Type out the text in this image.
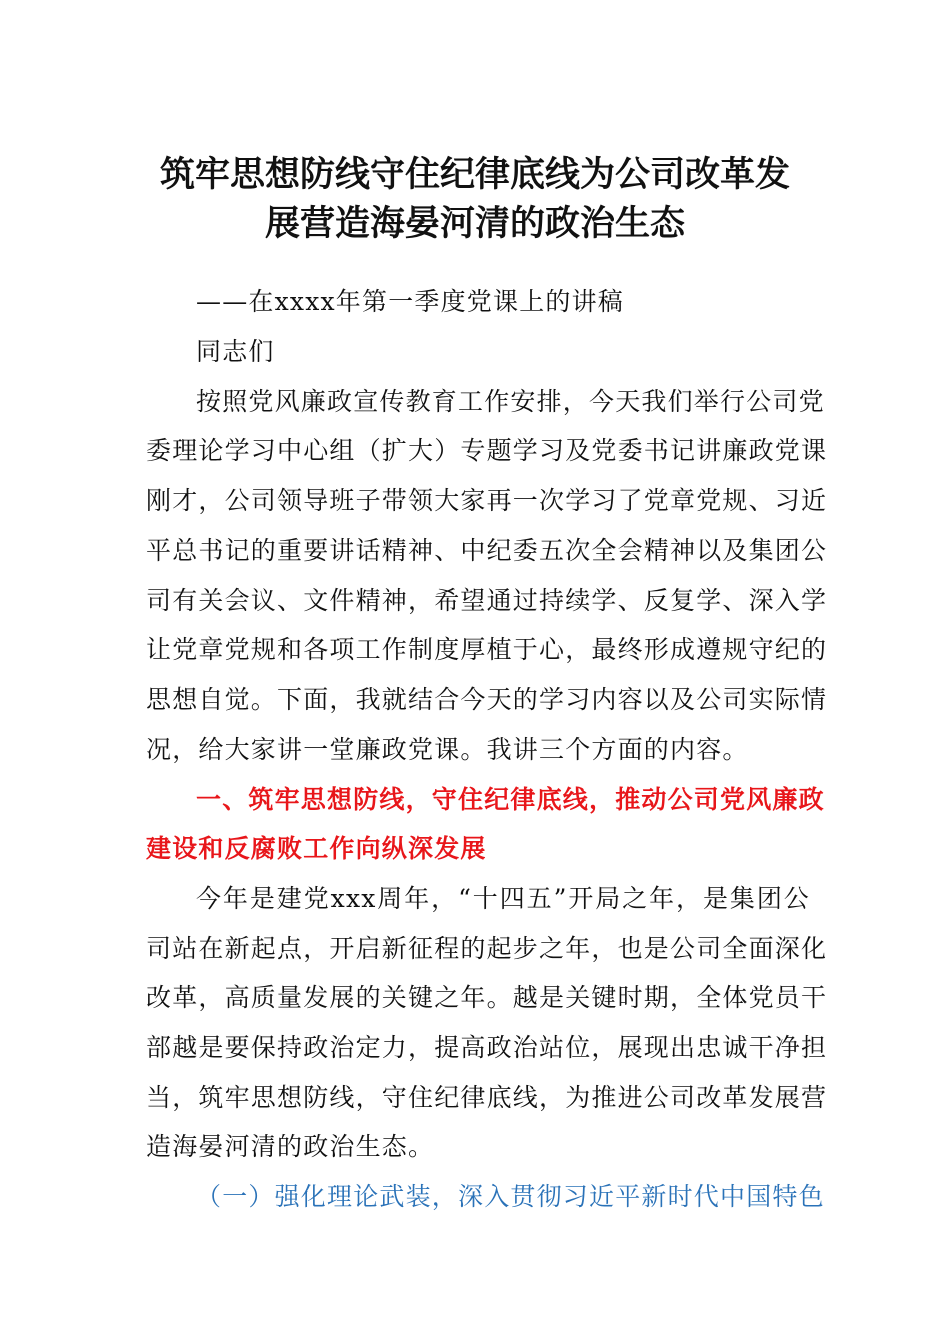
筑牢思想防线守住纪律底线为公司改革发
展营造海晏河清的政治生态
——在xxxx年第一季度党课上的讲稿
同志们
按照党风廉政宣传教育工作安排，今天我们举行公司党
委理论学习中心组（扩大）专题学习及党委书记讲廉政党课
刚才，公司领导班子带领大家再一次学习了党章党规、习近
平总书记的重要讲话精神、中纪委五次全会精神以及集团公
司有关会议、文件精神，希望通过持续学、反复学、深入学
让党章党规和各项工作制度厚植于心，最终形成遵规守纪的
思想自觉。下面，我就结合今天的学习内容以及公司实际情
况，给大家讲一堂廉政党课。我讲三个方面的内容。
一、筑牢思想防线，守住纪律底线，推动公司党风廉政
建设和反腐败工作向纵深发展
今年是建党xxx周年，“十四五”开局之年，是集团公
司站在新起点，开启新征程的起步之年，也是公司全面深化
改革，高质量发展的关键之年。越是关键时期，全体党员干
部越是要保持政治定力，提高政治站位，展现出忠诚干净担
当，筑牢思想防线，守住纪律底线，为推进公司改革发展营
造海晏河清的政治生态。
（一）强化理论武装，深入贯彻习近平新时代中国特色
